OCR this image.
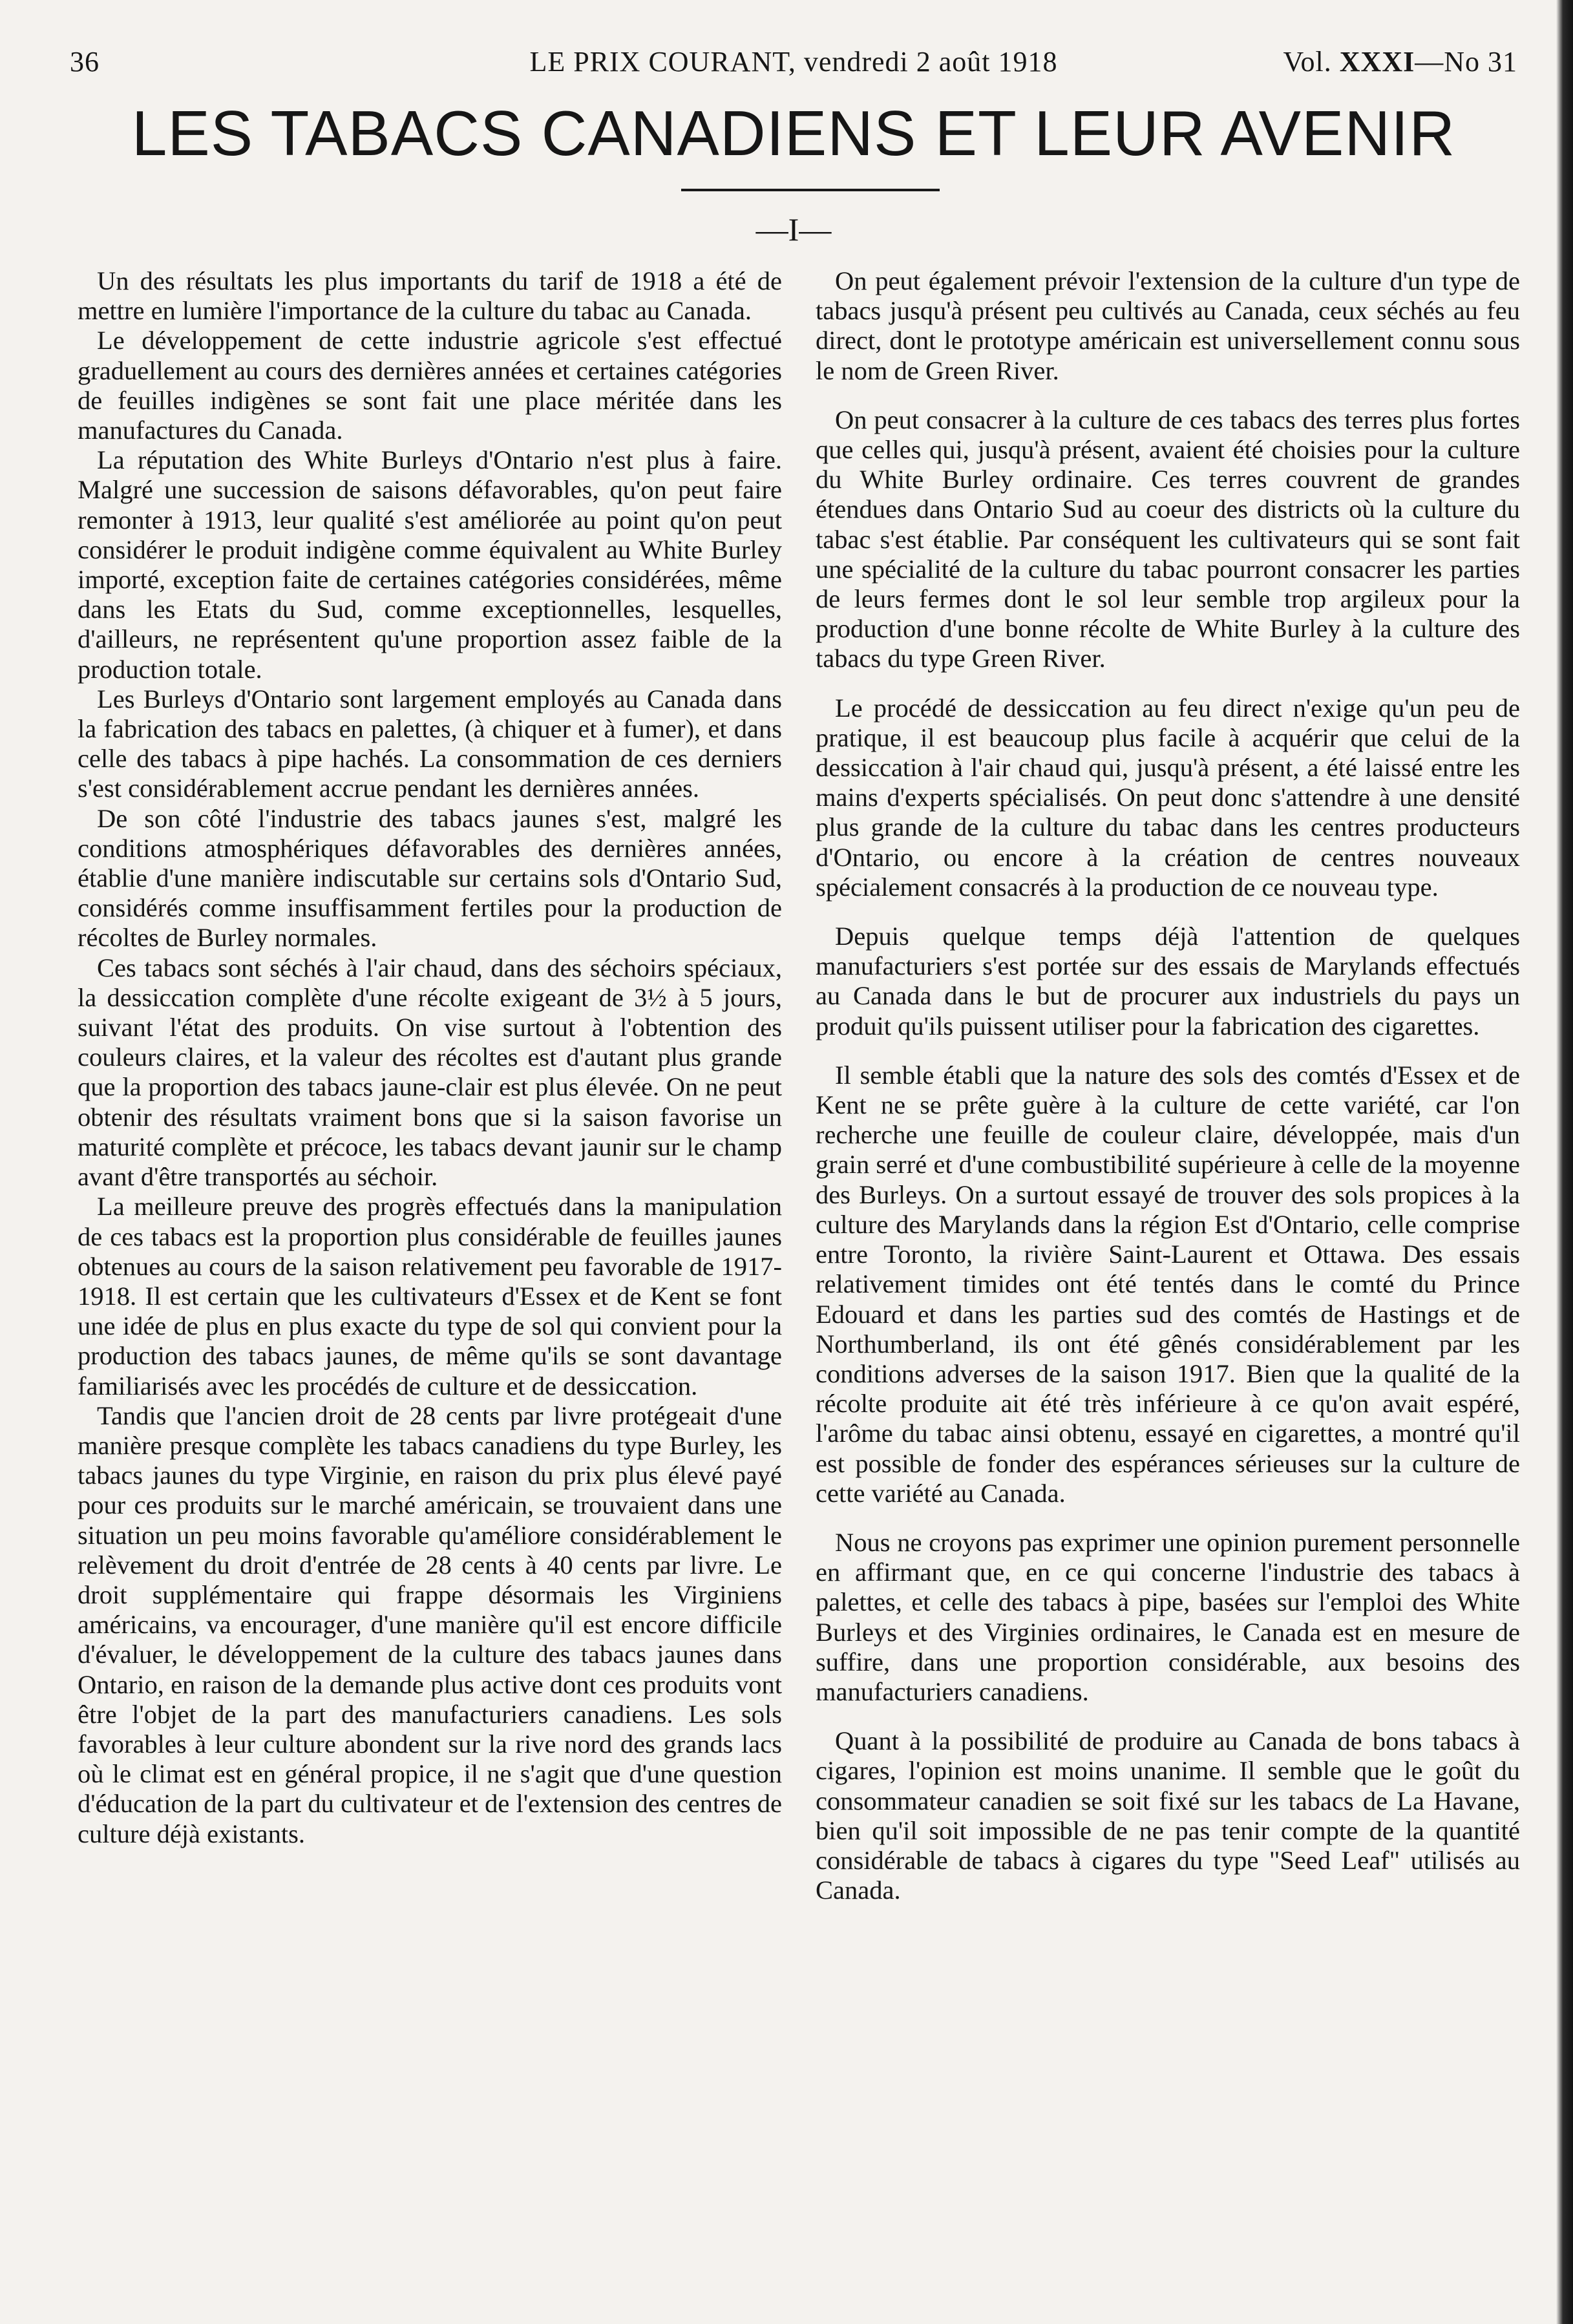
36	LE PRIX COURANT, vendredi 2 août 1918	Vol. XXXI—No 31
LES TABACS CANADIENS ET LEUR AVENIR
—I—

Un des résultats les plus importants du tarif de 1918 a été de mettre en lumière l'importance de la culture du tabac au Canada.

Le développement de cette industrie agricole s'est effectué graduellement au cours des dernières années et certaines catégories de feuilles indigènes se sont fait une place méritée dans les manufactures du Canada.

La réputation des White Burleys d'Ontario n'est plus à faire. Malgré une succession de saisons défavorables, qu'on peut faire remonter à 1913, leur qualité s'est améliorée au point qu'on peut considérer le produit indigène comme équivalent au White Burley importé, exception faite de certaines catégories considérées, même dans les Etats du Sud, comme exceptionnelles, lesquelles, d'ailleurs, ne représentent qu'une proportion assez faible de la production totale.

Les Burleys d'Ontario sont largement employés au Canada dans la fabrication des tabacs en palettes, (à chiquer et à fumer), et dans celle des tabacs à pipe hachés. La consommation de ces derniers s'est considérablement accrue pendant les dernières années.

De son côté l'industrie des tabacs jaunes s'est, malgré les conditions atmosphériques défavorables des dernières années, établie d'une manière indiscutable sur certains sols d'Ontario Sud, considérés comme insuffisamment fertiles pour la production de récoltes de Burley normales.

Ces tabacs sont séchés à l'air chaud, dans des séchoirs spéciaux, la dessiccation complète d'une récolte exigeant de 3½ à 5 jours, suivant l'état des produits. On vise surtout à l'obtention des couleurs claires, et la valeur des récoltes est d'autant plus grande que la proportion des tabacs jaune-clair est plus élevée. On ne peut obtenir des résultats vraiment bons que si la saison favorise un maturité complète et précoce, les tabacs devant jaunir sur le champ avant d'être transportés au séchoir.

La meilleure preuve des progrès effectués dans la manipulation de ces tabacs est la proportion plus considérable de feuilles jaunes obtenues au cours de la saison relativement peu favorable de 1917-1918. Il est certain que les cultivateurs d'Essex et de Kent se font une idée de plus en plus exacte du type de sol qui convient pour la production des tabacs jaunes, de même qu'ils se sont davantage familiarisés avec les procédés de culture et de dessiccation.

Tandis que l'ancien droit de 28 cents par livre protégeait d'une manière presque complète les tabacs canadiens du type Burley, les tabacs jaunes du type Virginie, en raison du prix plus élevé payé pour ces produits sur le marché américain, se trouvaient dans une situation un peu moins favorable qu'améliore considérablement le relèvement du droit d'entrée de 28 cents à 40 cents par livre. Le droit supplémentaire qui frappe désormais les Virginiens américains, va encourager, d'une manière qu'il est encore difficile d'évaluer, le développement de la culture des tabacs jaunes dans Ontario, en raison de la demande plus active dont ces produits vont être l'objet de la part des manufacturiers canadiens. Les sols favorables à leur culture abondent sur la rive nord des grands lacs où le climat est en général propice, il ne s'agit que d'une question d'éducation de la part du cultivateur et de l'extension des centres de culture déjà existants.

On peut également prévoir l'extension de la culture d'un type de tabacs jusqu'à présent peu cultivés au Canada, ceux séchés au feu direct, dont le prototype américain est universellement connu sous le nom de Green River.

On peut consacrer à la culture de ces tabacs des terres plus fortes que celles qui, jusqu'à présent, avaient été choisies pour la culture du White Burley ordinaire. Ces terres couvrent de grandes étendues dans Ontario Sud au coeur des districts où la culture du tabac s'est établie. Par conséquent les cultivateurs qui se sont fait une spécialité de la culture du tabac pourront consacrer les parties de leurs fermes dont le sol leur semble trop argileux pour la production d'une bonne récolte de White Burley à la culture des tabacs du type Green River.

Le procédé de dessiccation au feu direct n'exige qu'un peu de pratique, il est beaucoup plus facile à acquérir que celui de la dessiccation à l'air chaud qui, jusqu'à présent, a été laissé entre les mains d'experts spécialisés. On peut donc s'attendre à une densité plus grande de la culture du tabac dans les centres producteurs d'Ontario, ou encore à la création de centres nouveaux spécialement consacrés à la production de ce nouveau type.

Depuis quelque temps déjà l'attention de quelques manufacturiers s'est portée sur des essais de Marylands effectués au Canada dans le but de procurer aux industriels du pays un produit qu'ils puissent utiliser pour la fabrication des cigarettes.

Il semble établi que la nature des sols des comtés d'Essex et de Kent ne se prête guère à la culture de cette variété, car l'on recherche une feuille de couleur claire, développée, mais d'un grain serré et d'une combustibilité supérieure à celle de la moyenne des Burleys. On a surtout essayé de trouver des sols propices à la culture des Marylands dans la région Est d'Ontario, celle comprise entre Toronto, la rivière Saint-Laurent et Ottawa. Des essais relativement timides ont été tentés dans le comté du Prince Edouard et dans les parties sud des comtés de Hastings et de Northumberland, ils ont été gênés considérablement par les conditions adverses de la saison 1917. Bien que la qualité de la récolte produite ait été très inférieure à ce qu'on avait espéré, l'arôme du tabac ainsi obtenu, essayé en cigarettes, a montré qu'il est possible de fonder des espérances sérieuses sur la culture de cette variété au Canada.

Nous ne croyons pas exprimer une opinion purement personnelle en affirmant que, en ce qui concerne l'industrie des tabacs à palettes, et celle des tabacs à pipe, basées sur l'emploi des White Burleys et des Virginies ordinaires, le Canada est en mesure de suffire, dans une proportion considérable, aux besoins des manufacturiers canadiens.

Quant à la possibilité de produire au Canada de bons tabacs à cigares, l'opinion est moins unanime. Il semble que le goût du consommateur canadien se soit fixé sur les tabacs de La Havane, bien qu'il soit impossible de ne pas tenir compte de la quantité considérable de tabacs à cigares du type "Seed Leaf" utilisés au Canada.
